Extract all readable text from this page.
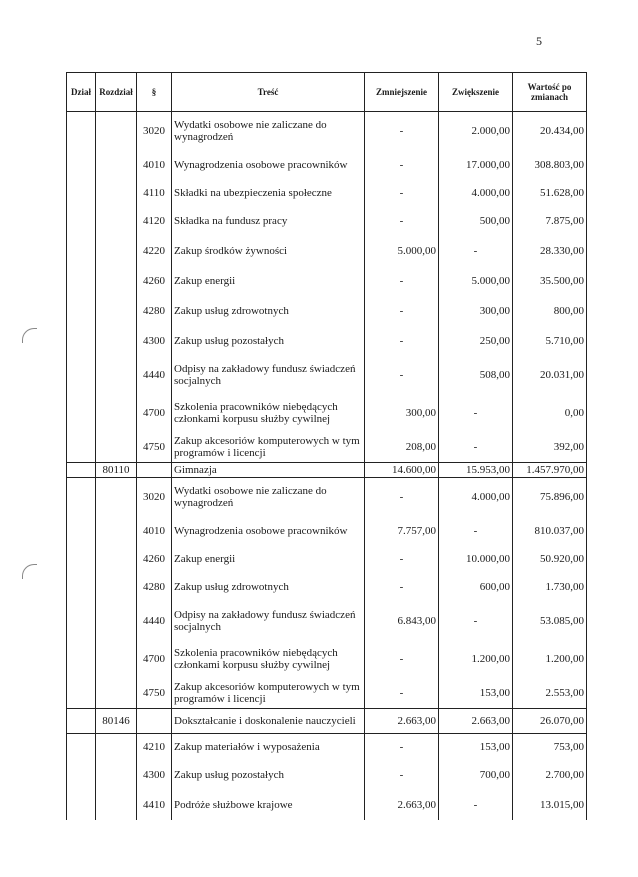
5
Dział	Rozdział	§	Treść	Zmniejszenie	Zwiększenie	Wartość po zmianach
		3020	Wydatki osobowe nie zaliczane do wynagrodzeń	-	2.000,00	20.434,00
		4010	Wynagrodzenia osobowe pracowników	-	17.000,00	308.803,00
		4110	Składki na ubezpieczenia społeczne	-	4.000,00	51.628,00
		4120	Składka na fundusz pracy	-	500,00	7.875,00
		4220	Zakup środków żywności	5.000,00	-	28.330,00
		4260	Zakup energii	-	5.000,00	35.500,00
		4280	Zakup usług zdrowotnych	-	300,00	800,00
		4300	Zakup usług pozostałych	-	250,00	5.710,00
		4440	Odpisy na zakładowy fundusz świadczeń socjalnych	-	508,00	20.031,00
		4700	Szkolenia pracowników niebędących członkami korpusu służby cywilnej	300,00	-	0,00
		4750	Zakup akcesoriów komputerowych w tym programów i licencji	208,00	-	392,00
	80110		Gimnazja	14.600,00	15.953,00	1.457.970,00
		3020	Wydatki osobowe nie zaliczane do wynagrodzeń	-	4.000,00	75.896,00
		4010	Wynagrodzenia osobowe pracowników	7.757,00	-	810.037,00
		4260	Zakup energii	-	10.000,00	50.920,00
		4280	Zakup usług zdrowotnych	-	600,00	1.730,00
		4440	Odpisy na zakładowy fundusz świadczeń socjalnych	6.843,00	-	53.085,00
		4700	Szkolenia pracowników niebędących członkami korpusu służby cywilnej	-	1.200,00	1.200,00
		4750	Zakup akcesoriów komputerowych w tym programów i licencji	-	153,00	2.553,00
	80146		Dokształcanie i doskonalenie nauczycieli	2.663,00	2.663,00	26.070,00
		4210	Zakup materiałów i wyposażenia	-	153,00	753,00
		4300	Zakup usług pozostałych	-	700,00	2.700,00
		4410	Podróże służbowe krajowe	2.663,00	-	13.015,00
